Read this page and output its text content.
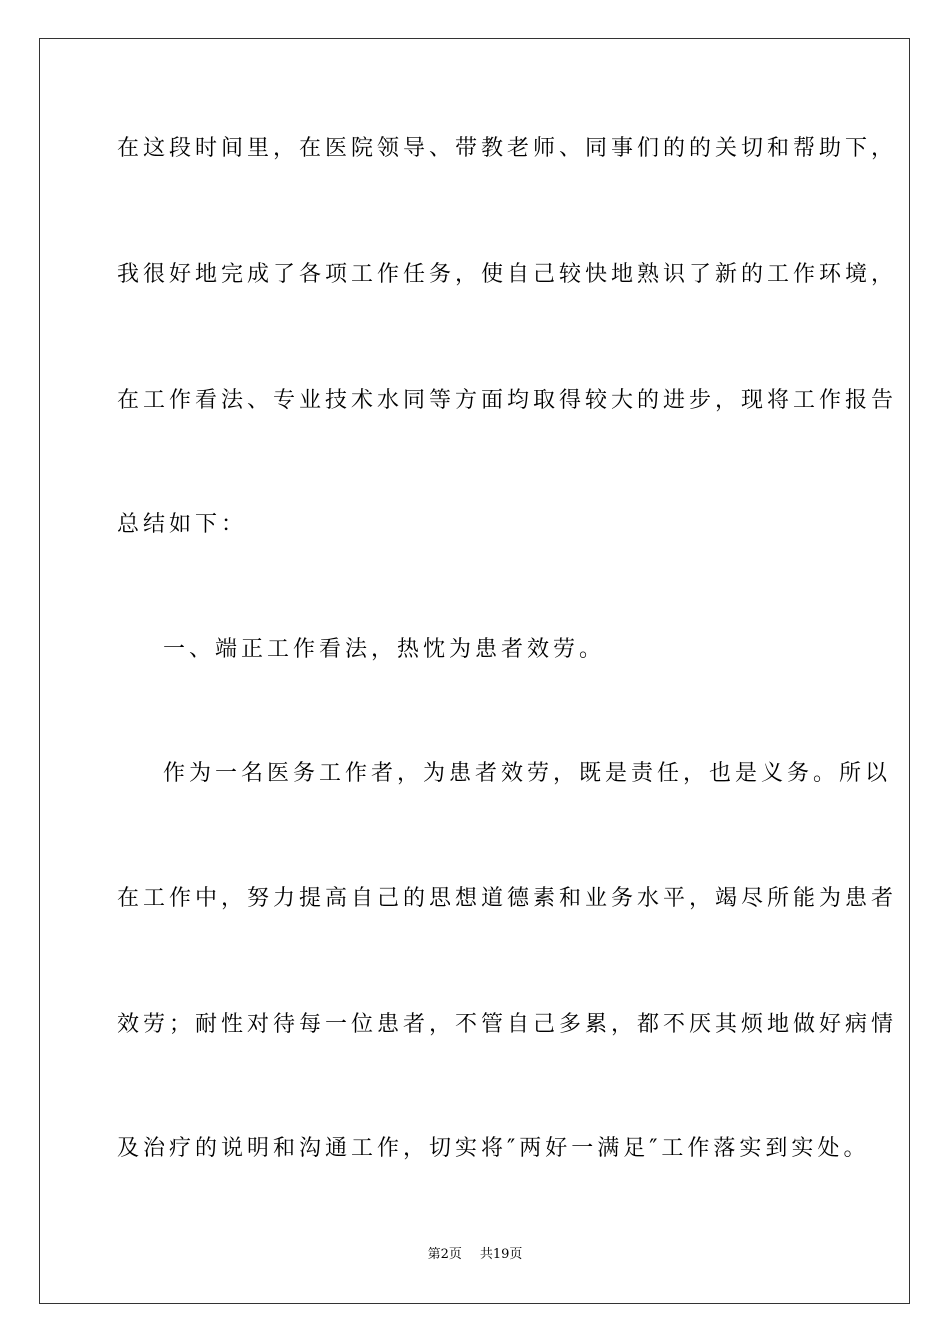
在这段时间里，在医院领导、带教老师、同事们的的关切和帮助下，
我很好地完成了各项工作任务，使自己较快地熟识了新的工作环境，
在工作看法、专业技术水同等方面均取得较大的进步，现将工作报告
总结如下：
一、端正工作看法，热忱为患者效劳。
作为一名医务工作者，为患者效劳，既是责任，也是义务。所以
在工作中，努力提高自己的思想道德素和业务水平，竭尽所能为患者
效劳；耐性对待每一位患者，不管自己多累，都不厌其烦地做好病情
及治疗的说明和沟通工作，切实将″两好一满足″工作落实到实处。
第2页 共19页
